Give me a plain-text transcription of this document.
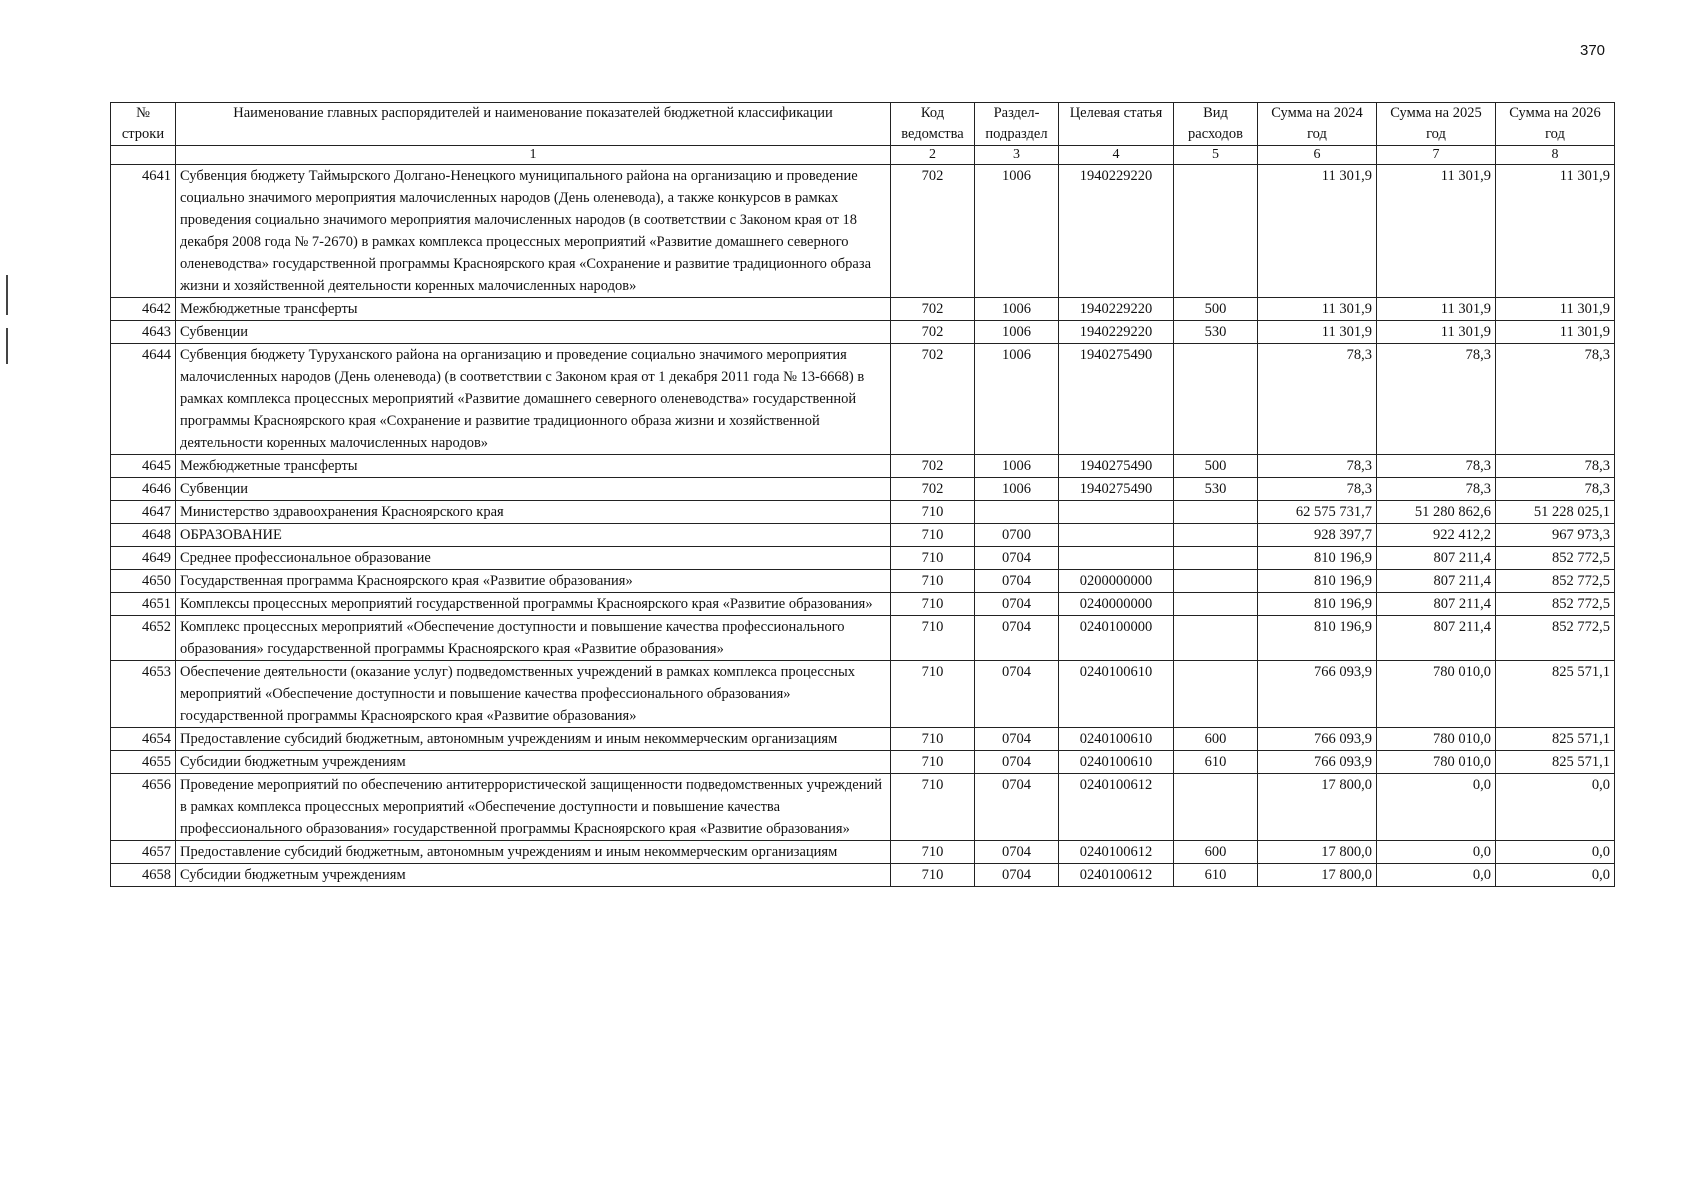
370
№ строки	Наименование главных распорядителей и наименование показателей бюджетной классификации	Код ведомства	Раздел-подраздел	Целевая статья	Вид расходов	Сумма на 2024 год	Сумма на 2025 год	Сумма на 2026 год
	1	2	3	4	5	6	7	8
4641	Субвенция бюджету Таймырского Долгано-Ненецкого муниципального района на организацию и проведение социально значимого мероприятия малочисленных народов (День оленевода), а также конкурсов в рамках проведения социально значимого мероприятия малочисленных народов (в соответствии с Законом края от 18 декабря 2008 года № 7-2670) в рамках комплекса процессных мероприятий «Развитие домашнего северного оленеводства» государственной программы Красноярского края «Сохранение и развитие традиционного образа жизни и хозяйственной деятельности коренных малочисленных народов»	702	1006	1940229220		11 301,9	11 301,9	11 301,9
4642	Межбюджетные трансферты	702	1006	1940229220	500	11 301,9	11 301,9	11 301,9
4643	Субвенции	702	1006	1940229220	530	11 301,9	11 301,9	11 301,9
4644	Субвенция бюджету Туруханского района на организацию и проведение социально значимого мероприятия малочисленных народов (День оленевода) (в соответствии с Законом края от 1 декабря 2011 года № 13-6668) в рамках комплекса процессных мероприятий «Развитие домашнего северного оленеводства» государственной программы Красноярского края «Сохранение и развитие традиционного образа жизни и хозяйственной деятельности коренных малочисленных народов»	702	1006	1940275490		78,3	78,3	78,3
4645	Межбюджетные трансферты	702	1006	1940275490	500	78,3	78,3	78,3
4646	Субвенции	702	1006	1940275490	530	78,3	78,3	78,3
4647	Министерство здравоохранения Красноярского края	710				62 575 731,7	51 280 862,6	51 228 025,1
4648	ОБРАЗОВАНИЕ	710	0700			928 397,7	922 412,2	967 973,3
4649	Среднее профессиональное образование	710	0704			810 196,9	807 211,4	852 772,5
4650	Государственная программа Красноярского края «Развитие образования»	710	0704	0200000000		810 196,9	807 211,4	852 772,5
4651	Комплексы процессных мероприятий государственной программы Красноярского края «Развитие образования»	710	0704	0240000000		810 196,9	807 211,4	852 772,5
4652	Комплекс процессных мероприятий «Обеспечение доступности и повышение качества профессионального образования» государственной программы Красноярского края «Развитие образования»	710	0704	0240100000		810 196,9	807 211,4	852 772,5
4653	Обеспечение деятельности (оказание услуг) подведомственных учреждений в рамках комплекса процессных мероприятий «Обеспечение доступности и повышение качества профессионального образования» государственной программы Красноярского края «Развитие образования»	710	0704	0240100610		766 093,9	780 010,0	825 571,1
4654	Предоставление субсидий бюджетным, автономным учреждениям и иным некоммерческим организациям	710	0704	0240100610	600	766 093,9	780 010,0	825 571,1
4655	Субсидии бюджетным учреждениям	710	0704	0240100610	610	766 093,9	780 010,0	825 571,1
4656	Проведение мероприятий по обеспечению антитеррористической защищенности подведомственных учреждений в рамках комплекса процессных мероприятий «Обеспечение доступности и повышение качества профессионального образования» государственной программы Красноярского края «Развитие образования»	710	0704	0240100612		17 800,0	0,0	0,0
4657	Предоставление субсидий бюджетным, автономным учреждениям и иным некоммерческим организациям	710	0704	0240100612	600	17 800,0	0,0	0,0
4658	Субсидии бюджетным учреждениям	710	0704	0240100612	610	17 800,0	0,0	0,0
